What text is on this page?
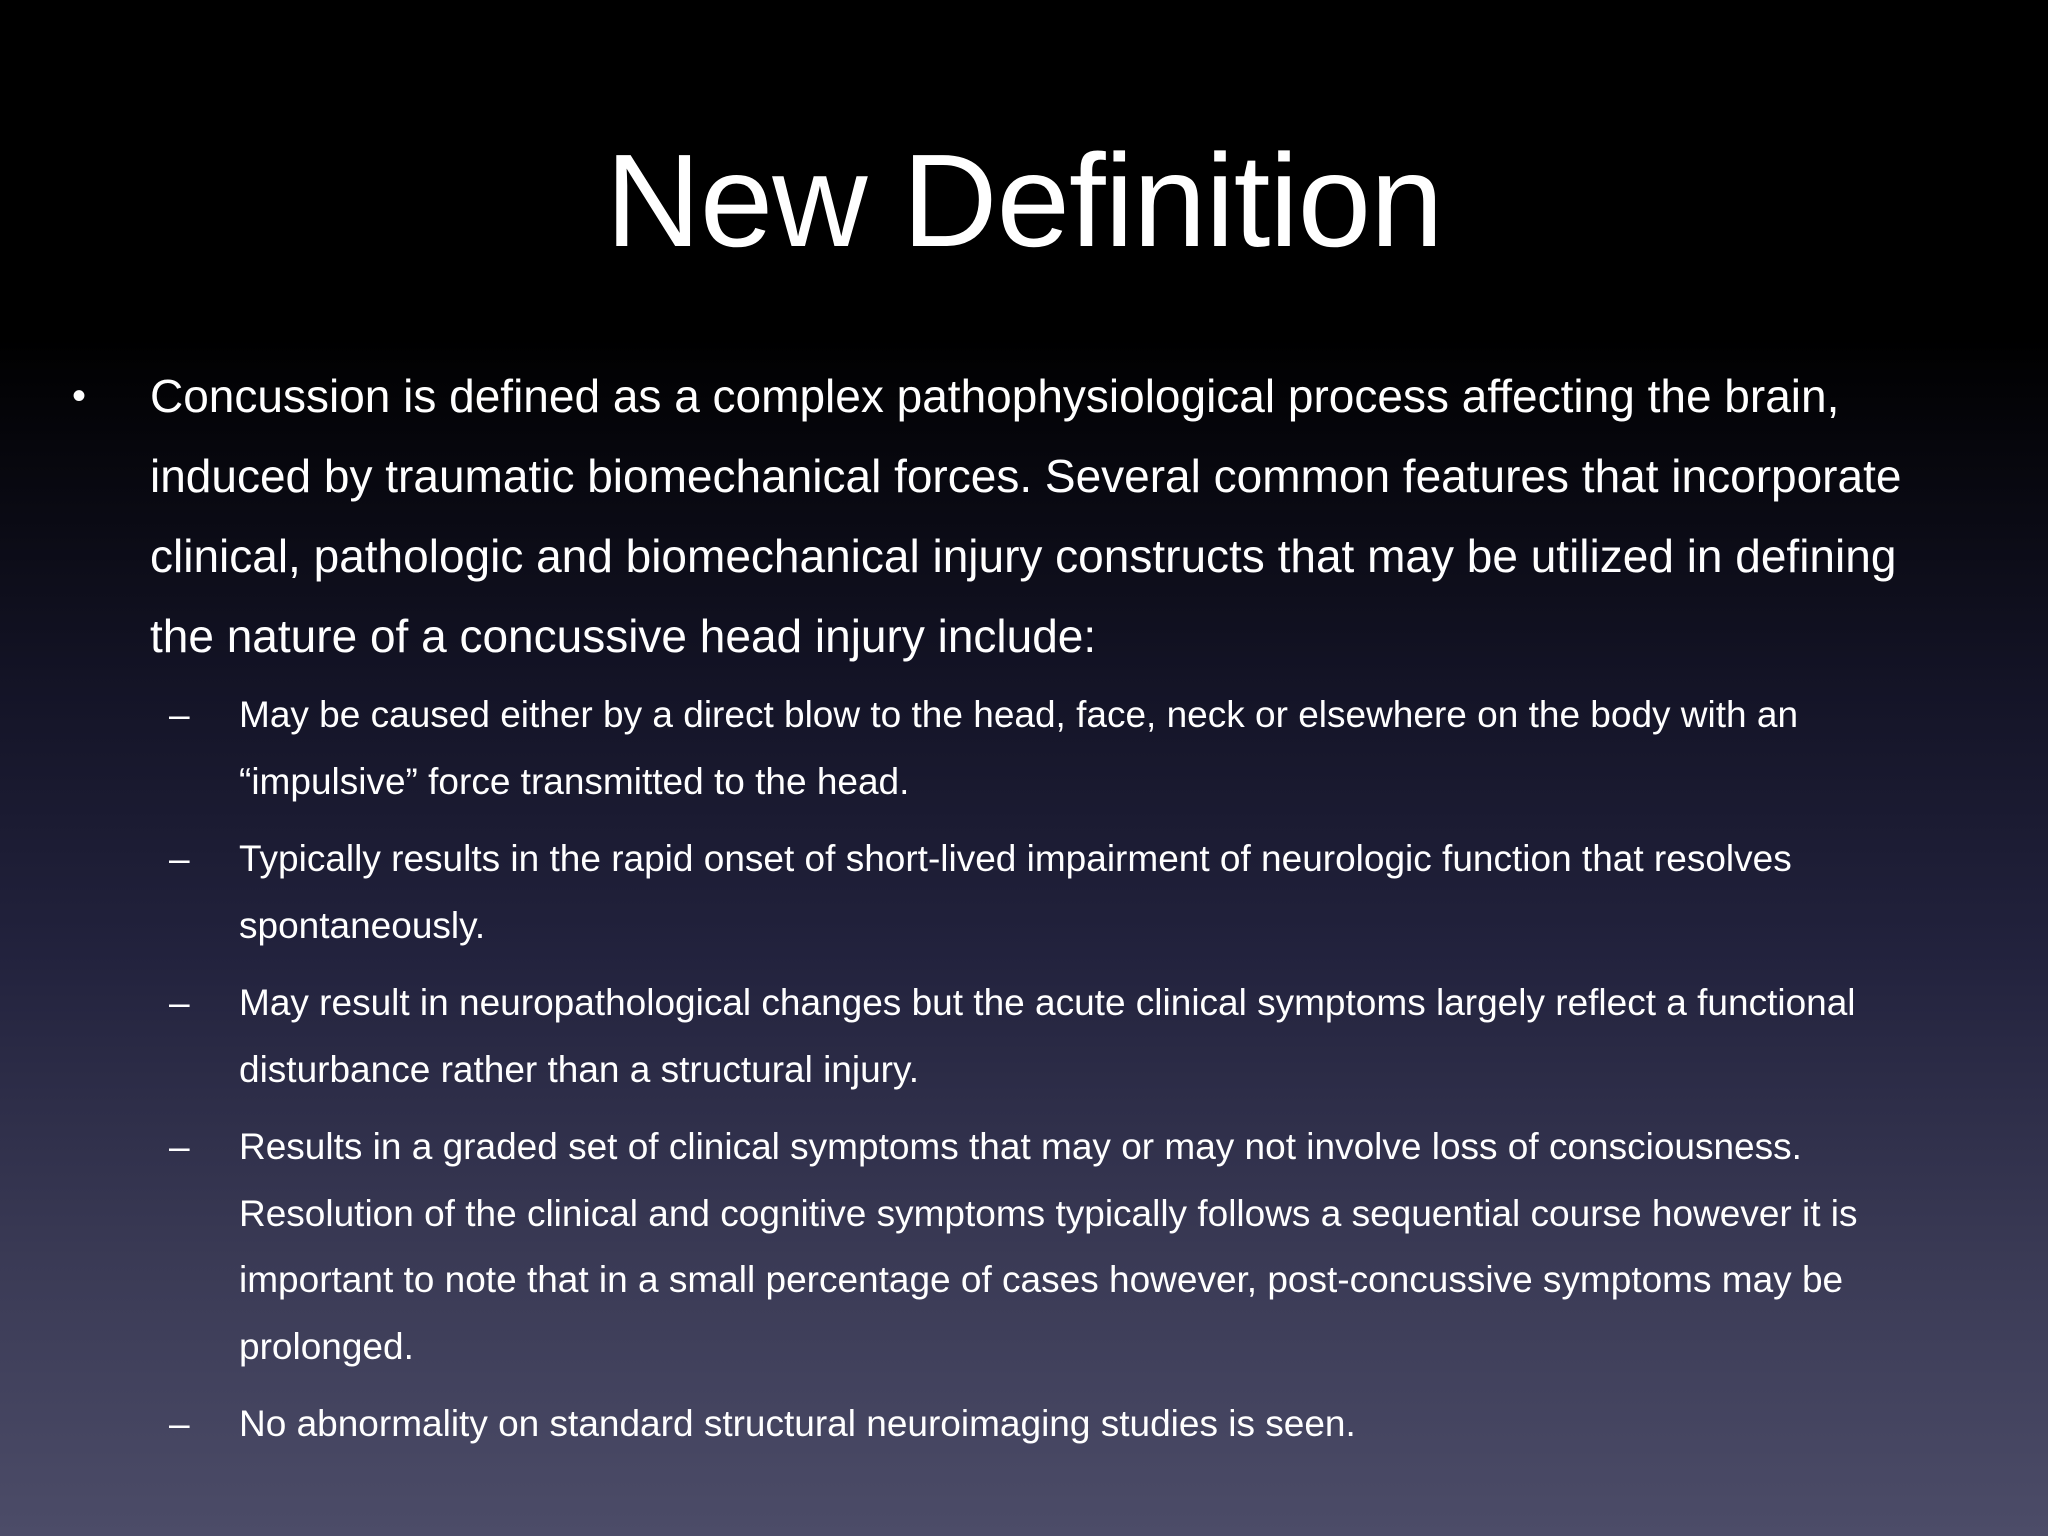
New Definition

• Concussion is defined as a complex pathophysiological process affecting the brain, induced by traumatic biomechanical forces. Several common features that incorporate clinical, pathologic and biomechanical injury constructs that may be utilized in defining the nature of a concussive head injury include:

– May be caused either by a direct blow to the head, face, neck or elsewhere on the body with an “impulsive” force transmitted to the head.
– Typically results in the rapid onset of short-lived impairment of neurologic function that resolves spontaneously.
– May result in neuropathological changes but the acute clinical symptoms largely reflect a functional disturbance rather than a structural injury.
– Results in a graded set of clinical symptoms that may or may not involve loss of consciousness. Resolution of the clinical and cognitive symptoms typically follows a sequential course however it is important to note that in a small percentage of cases however, post-concussive symptoms may be prolonged.
– No abnormality on standard structural neuroimaging studies is seen.
